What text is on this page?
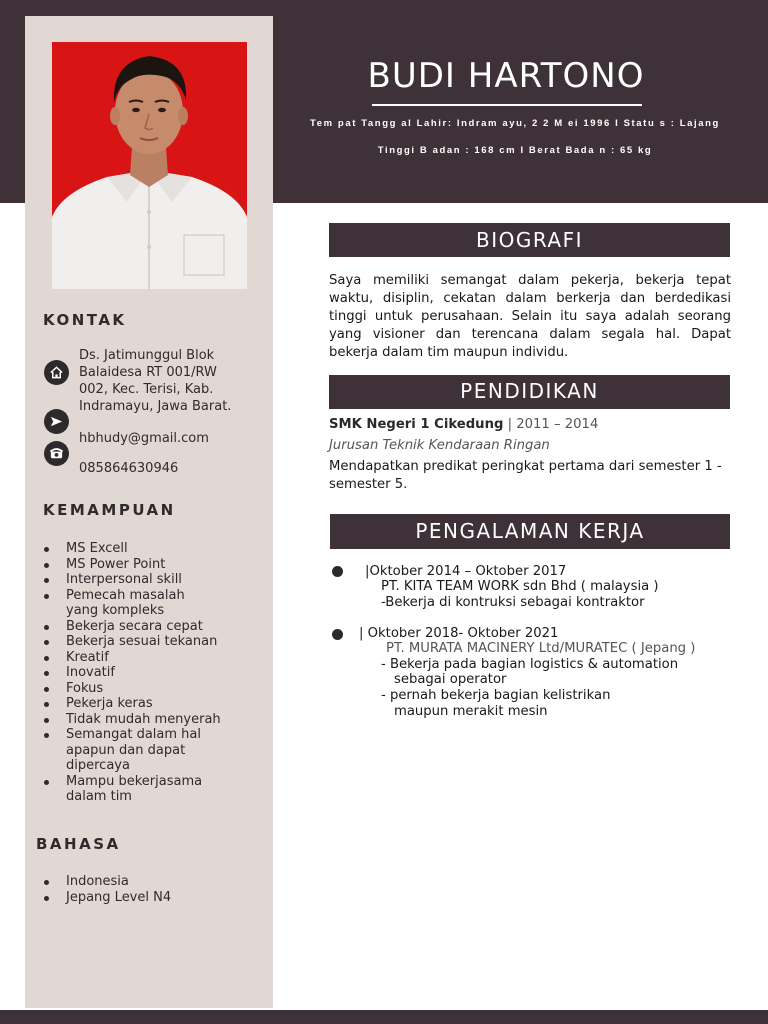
BUDI HARTONO
Tem pat Tangg al Lahir: Indram ayu, 2 2 M ei 1996 I Statu s : Lajang
Tinggi B adan : 168 cm I Berat Bada n : 65 kg
KONTAK
Ds. Jatimunggul Blok
Balaidesa RT 001/RW
002, Kec. Terisi, Kab.
Indramayu, Jawa Barat.
hbhudy@gmail.com
085864630946
KEMAMPUAN
MS Excell
MS Power Point
Interpersonal skill
Pemecah masalah
yang kompleks
Bekerja secara cepat
Bekerja sesuai tekanan
Kreatif
Inovatif
Fokus
Pekerja keras
Tidak mudah menyerah
Semangat dalam hal
apapun dan dapat
dipercaya
Mampu bekerjasama
dalam tim
BAHASA
Indonesia
Jepang Level N4
BIOGRAFI
Saya memiliki semangat dalam pekerja, bekerja tepat waktu, disiplin, cekatan dalam berkerja dan berdedikasi tinggi untuk perusahaan. Selain itu saya adalah seorang yang visioner dan terencana dalam segala hal. Dapat bekerja dalam tim maupun individu.
PENDIDIKAN
SMK Negeri 1 Cikedung | 2011 – 2014
Jurusan Teknik Kendaraan Ringan
Mendapatkan predikat peringkat pertama dari semester 1 - semester 5.
PENGALAMAN KERJA
|Oktober 2014 – Oktober 2017
PT. KITA TEAM WORK sdn Bhd ( malaysia )
-Bekerja di kontruksi sebagai kontraktor
| Oktober 2018- Oktober 2021
PT. MURATA MACINERY Ltd/MURATEC ( Jepang )
- Bekerja pada bagian logistics & automation
sebagai operator
- pernah bekerja bagian kelistrikan
maupun merakit mesin
